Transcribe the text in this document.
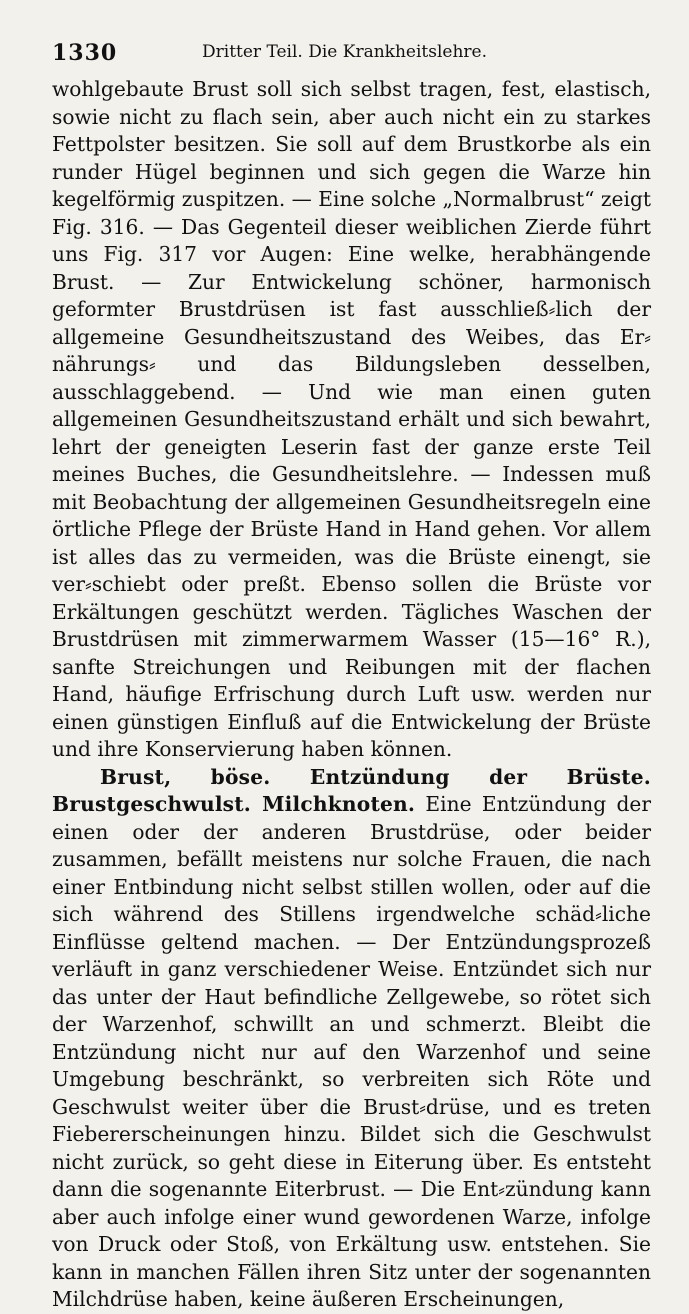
1330	Dritter Teil. Die Krankheitslehre.

wohlgebaute Brust soll sich selbst tragen, fest, elastisch, sowie nicht zu flach sein, aber auch nicht ein zu starkes Fettpolster besitzen. Sie soll auf dem Brustkorbe als ein runder Hügel beginnen und sich gegen die Warze hin kegelförmig zuspitzen. — Eine solche „Normalbrust“ zeigt Fig. 316. — Das Gegenteil dieser weiblichen Zierde führt uns Fig. 317 vor Augen: Eine welke, herabhängende Brust. — Zur Entwickelung schöner, harmonisch geformter Brustdrüsen ist fast ausschließ⸗lich der allgemeine Gesundheitszustand des Weibes, das Er⸗nährungs⸗ und das Bildungsleben desselben, ausschlaggebend. — Und wie man einen guten allgemeinen Gesundheitszustand erhält und sich bewahrt, lehrt der geneigten Leserin fast der ganze erste Teil meines Buches, die Gesundheitslehre. — Indessen muß mit Beobachtung der allgemeinen Gesundheitsregeln eine örtliche Pflege der Brüste Hand in Hand gehen. Vor allem ist alles das zu vermeiden, was die Brüste einengt, sie ver⸗schiebt oder preßt. Ebenso sollen die Brüste vor Erkältungen geschützt werden. Tägliches Waschen der Brustdrüsen mit zimmerwarmem Wasser (15—16° R.), sanfte Streichungen und Reibungen mit der flachen Hand, häufige Erfrischung durch Luft usw. werden nur einen günstigen Einfluß auf die Entwickelung der Brüste und ihre Konservierung haben können.

Brust, böse. Entzündung der Brüste. Brustgeschwulst. Milchknoten. Eine Entzündung der einen oder der anderen Brustdrüse, oder beider zusammen, befällt meistens nur solche Frauen, die nach einer Entbindung nicht selbst stillen wollen, oder auf die sich während des Stillens irgendwelche schäd⸗liche Einflüsse geltend machen. — Der Entzündungsprozeß verläuft in ganz verschiedener Weise. Entzündet sich nur das unter der Haut befindliche Zellgewebe, so rötet sich der Warzenhof, schwillt an und schmerzt. Bleibt die Entzündung nicht nur auf den Warzenhof und seine Umgebung beschränkt, so verbreiten sich Röte und Geschwulst weiter über die Brust⸗drüse, und es treten Fiebererscheinungen hinzu. Bildet sich die Geschwulst nicht zurück, so geht diese in Eiterung über. Es entsteht dann die sogenannte Eiterbrust. — Die Ent⸗zündung kann aber auch infolge einer wund gewordenen Warze, infolge von Druck oder Stoß, von Erkältung usw. entstehen. Sie kann in manchen Fällen ihren Sitz unter der sogenannten Milchdrüse haben, keine äußeren Erscheinungen,
